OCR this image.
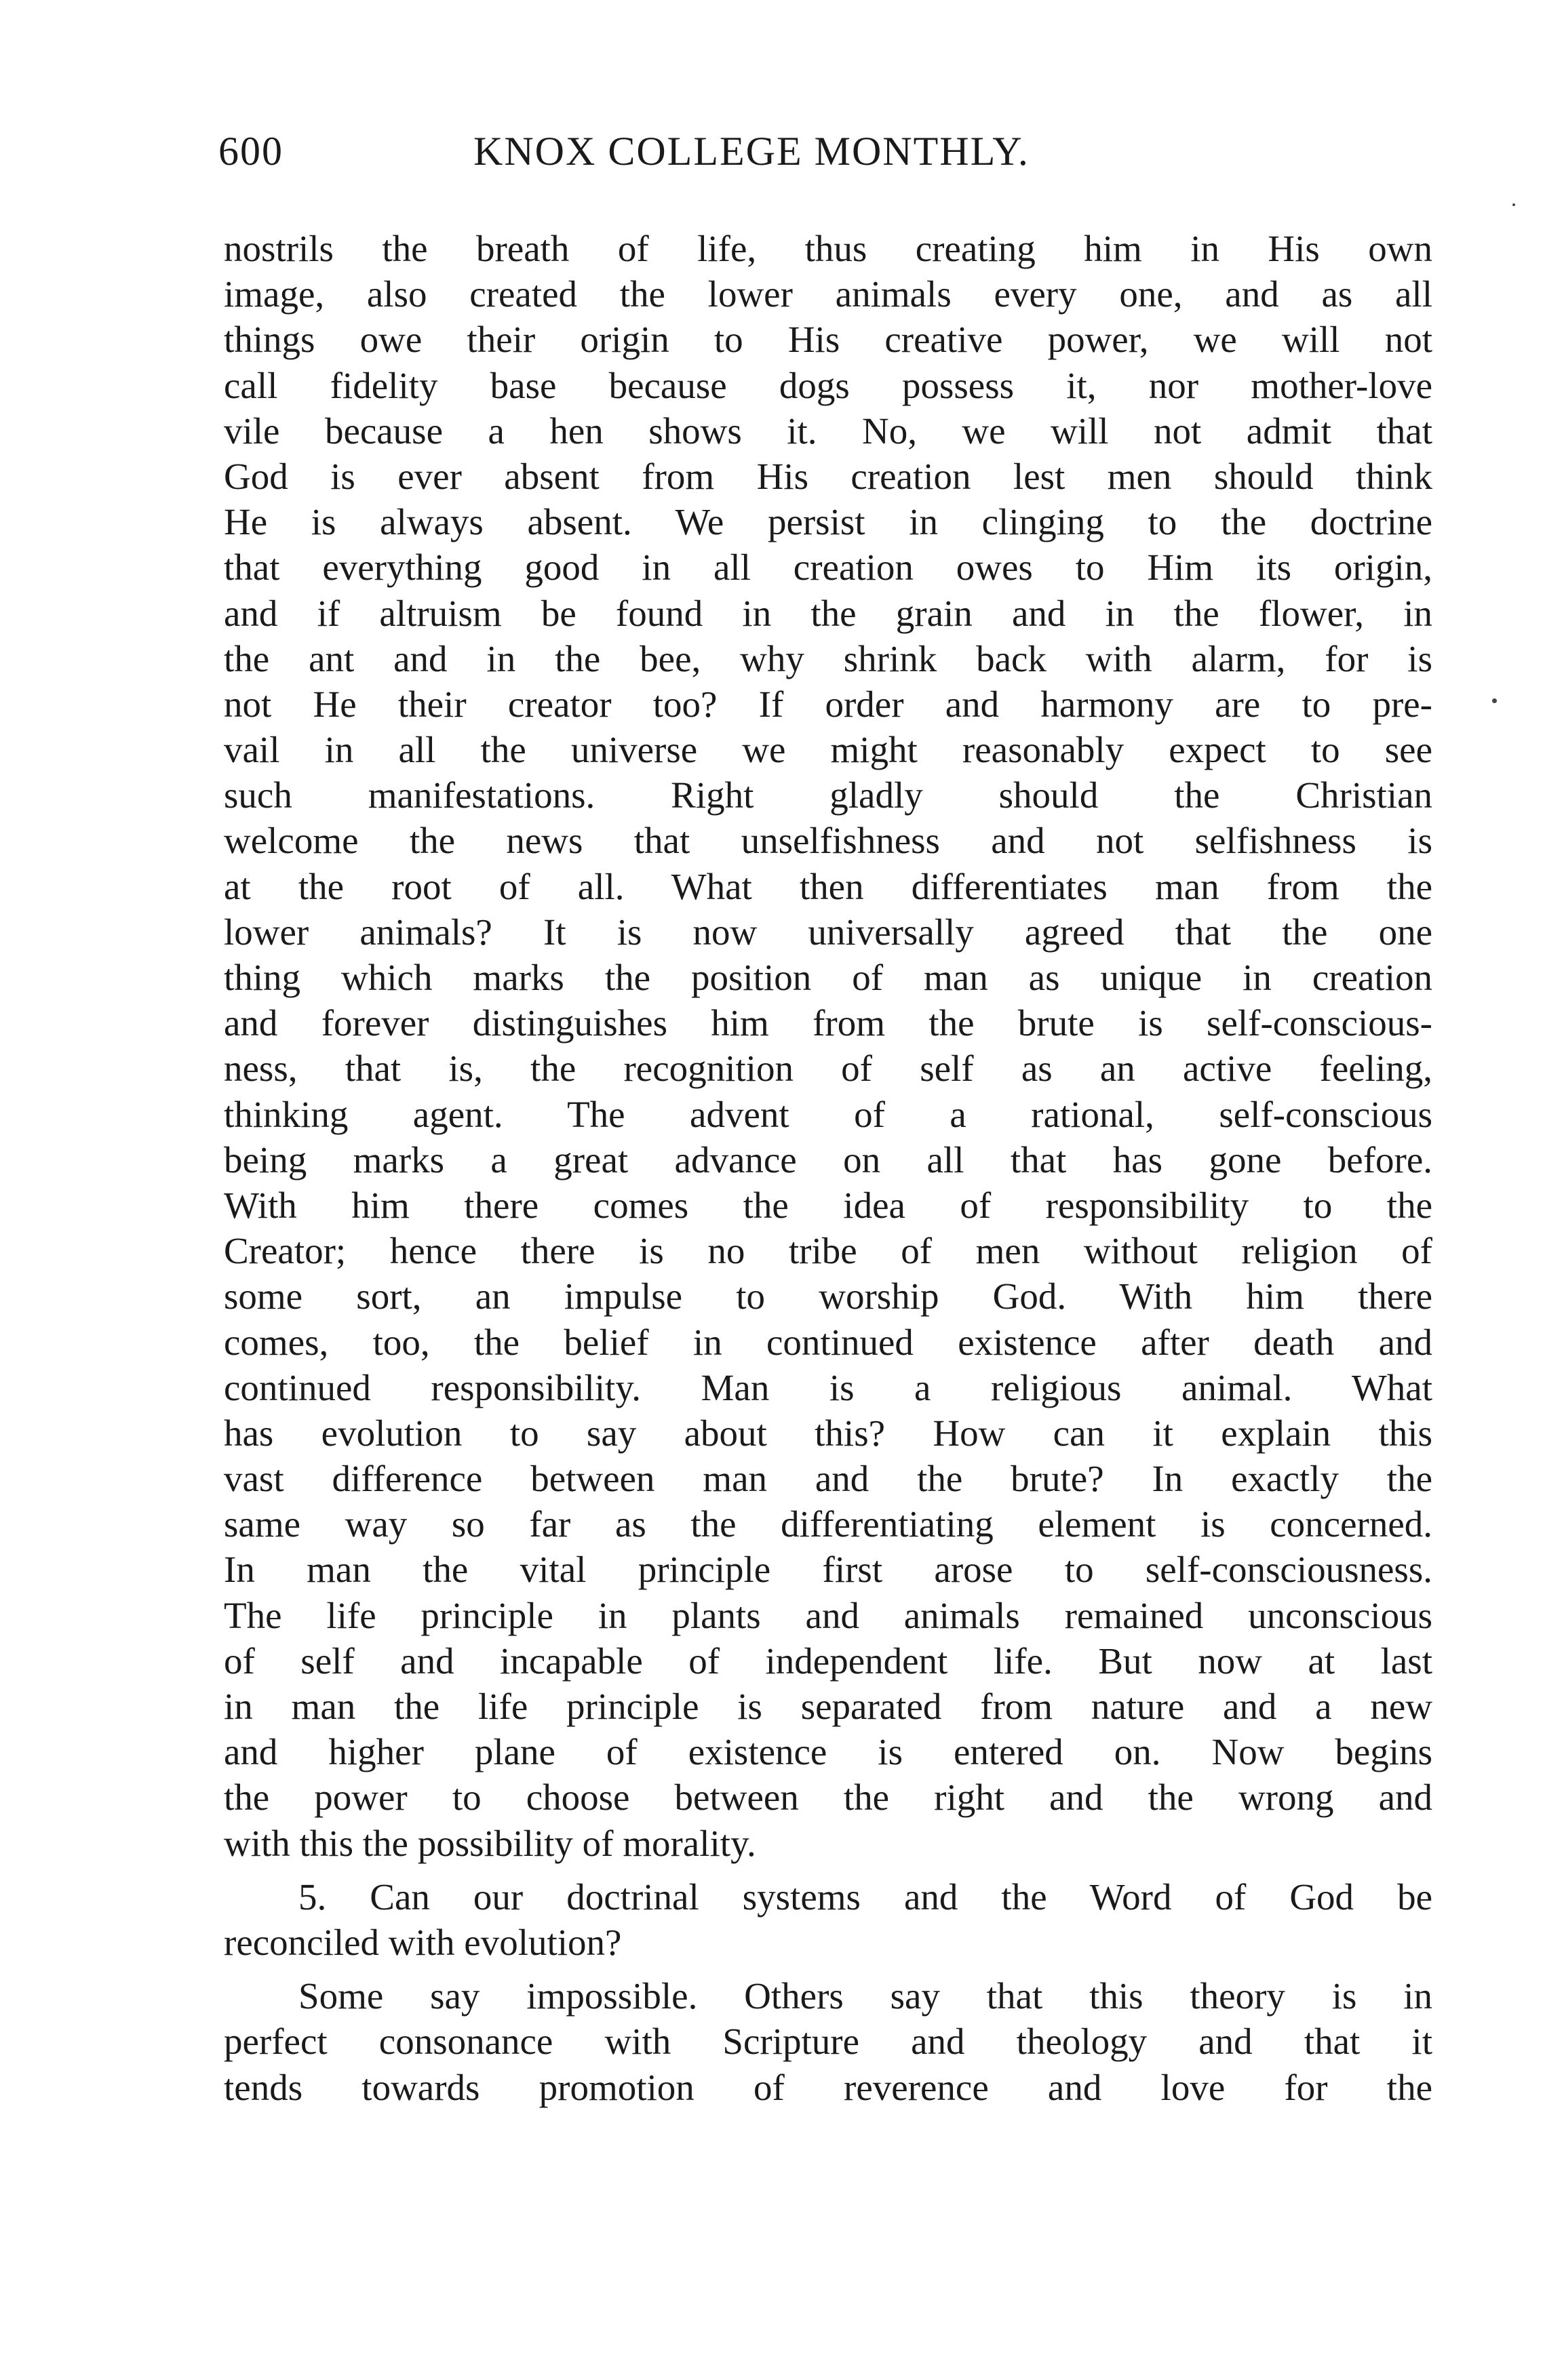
600	KNOX COLLEGE MONTHLY.
nostrils the breath of life, thus creating him in His own
image, also created the lower animals every one, and as all
things owe their origin to His creative power, we will not
call fidelity base because dogs possess it, nor mother-love
vile because a hen shows it. No, we will not admit that
God is ever absent from His creation lest men should think
He is always absent. We persist in clinging to the doctrine
that everything good in all creation owes to Him its origin,
and if altruism be found in the grain and in the flower, in
the ant and in the bee, why shrink back with alarm, for is
not He their creator too? If order and harmony are to pre-
vail in all the universe we might reasonably expect to see
such manifestations. Right gladly should the Christian
welcome the news that unselfishness and not selfishness is
at the root of all. What then differentiates man from the
lower animals? It is now universally agreed that the one
thing which marks the position of man as unique in creation
and forever distinguishes him from the brute is self-conscious-
ness, that is, the recognition of self as an active feeling,
thinking agent. The advent of a rational, self-conscious
being marks a great advance on all that has gone before.
With him there comes the idea of responsibility to the
Creator; hence there is no tribe of men without religion of
some sort, an impulse to worship God. With him there
comes, too, the belief in continued existence after death and
continued responsibility. Man is a religious animal. What
has evolution to say about this? How can it explain this
vast difference between man and the brute? In exactly the
same way so far as the differentiating element is concerned.
In man the vital principle first arose to self-consciousness.
The life principle in plants and animals remained unconscious
of self and incapable of independent life. But now at last
in man the life principle is separated from nature and a new
and higher plane of existence is entered on. Now begins
the power to choose between the right and the wrong and
with this the possibility of morality.
5. Can our doctrinal systems and the Word of God be
reconciled with evolution?
Some say impossible. Others say that this theory is in
perfect consonance with Scripture and theology and that it
tends towards promotion of reverence and love for the
